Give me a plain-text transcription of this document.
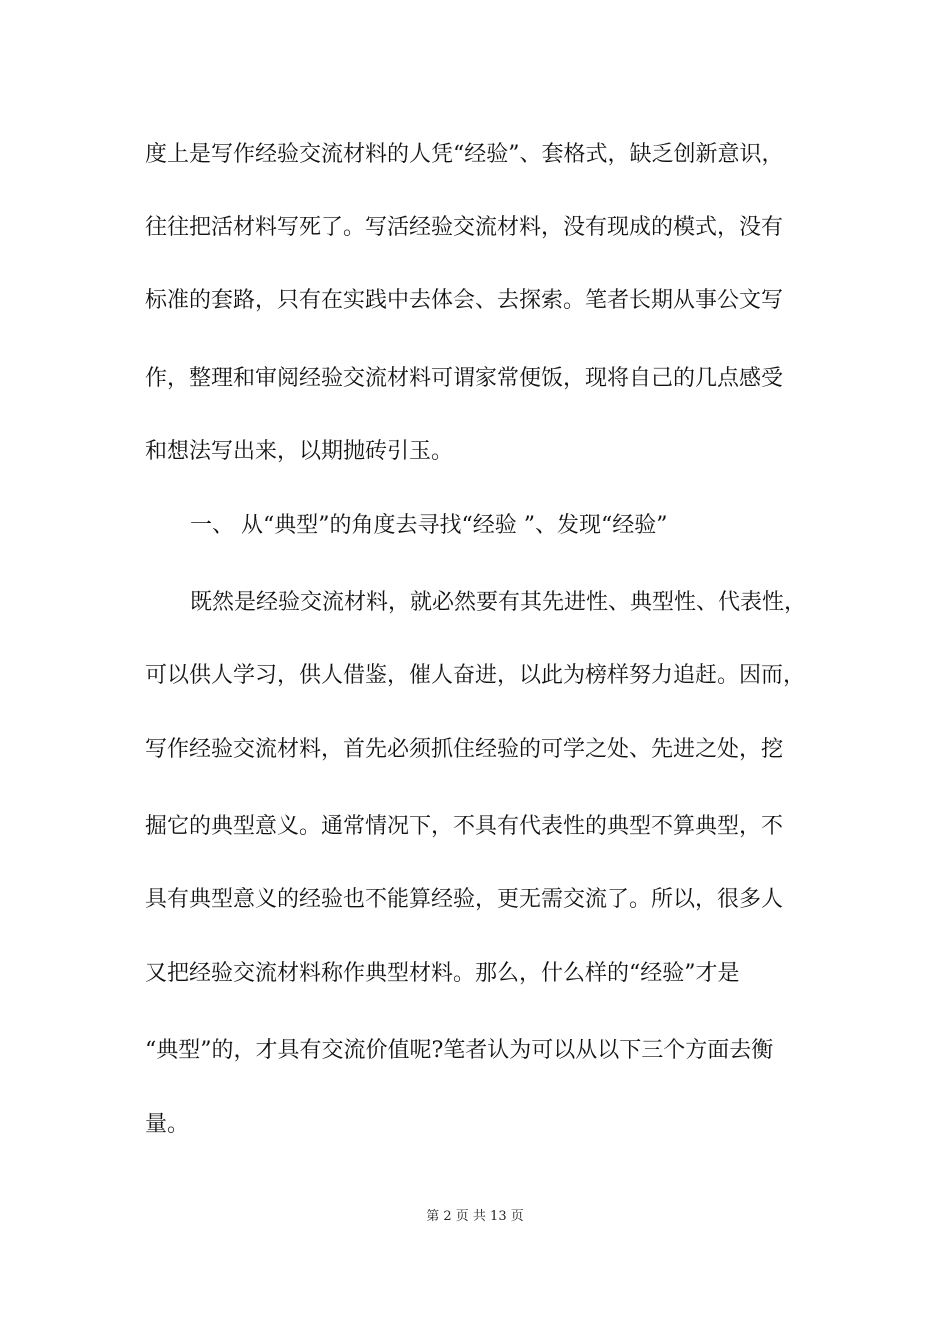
度上是写作经验交流材料的人凭“经验”、套格式，缺乏创新意识，
往往把活材料写死了。写活经验交流材料，没有现成的模式，没有
标准的套路，只有在实践中去体会、去探索。笔者长期从事公文写
作，整理和审阅经验交流材料可谓家常便饭，现将自己的几点感受
和想法写出来，以期抛砖引玉。
一、 从“典型”的角度去寻找“经验 ”、发现“经验”
既然是经验交流材料，就必然要有其先进性、典型性、代表性，
可以供人学习，供人借鉴，催人奋进，以此为榜样努力追赶。因而，
写作经验交流材料，首先必须抓住经验的可学之处、先进之处，挖
掘它的典型意义。通常情况下，不具有代表性的典型不算典型，不
具有典型意义的经验也不能算经验，更无需交流了。所以，很多人
又把经验交流材料称作典型材料。那么，什么样的“经验”才是
“典型”的，才具有交流价值呢?笔者认为可以从以下三个方面去衡
量。
第 2 页 共 13 页
